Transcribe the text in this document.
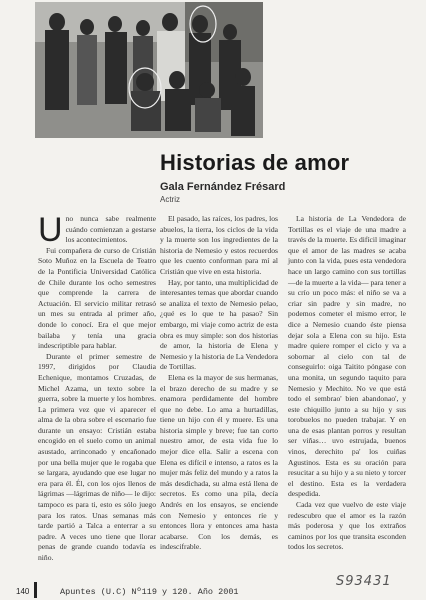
Historias de amor
Gala Fernández Frésard
Actriz
U no nunca sabe realmente cuándo comienzan a gestarse los acontecimientos.

Fui compañera de curso de Cristián Soto Muñoz en la Escuela de Teatro de la Pontificia Universidad Católica de Chile durante los ocho semestres que comprende la carrera de Actuación. El servicio militar retrasó un mes su entrada al primer año, donde lo conocí. Era el que mejor bailaba y tenía una gracia indescriptible para hablar.

Durante el primer semestre de 1997, dirigidos por Claudia Echenique, montamos Cruzadas, de Michel Azama, un texto sobre la guerra, sobre la muerte y los hombres. La primera vez que vi aparecer el alma de la obra sobre el escenario fue durante un ensayo: Cristián estaba encogido en el suelo como un animal asustado, arrinconado y encañonado por una bella mujer que le rogaba que se largara, ayudando que ese lugar no era para él. Él, con los ojos llenos de lágrimas —lágrimas de niño— le dijo: tampoco es para ti, esto es sólo juego para los ratos. Unas semanas más tarde partió a Talca a enterrar a su padre. A veces uno tiene que llorar penas de grande cuando todavía es niño.

El pasado, las raíces, los padres, los abuelos, la tierra, los ciclos de la vida y la muerte son los ingredientes de la historia de Nemesio y estos recuerdos que les cuento conforman para mí al Cristián que vive en esta historia.

Hay, por tanto, una multiplicidad de interesantes temas que abordar cuando se analiza el texto de Nemesio pelao, ¿qué es lo que te ha pasao? Sin embargo, mi viaje como actriz de esta obra es muy simple: son dos historias de amor, la historia de Elena y Nemesio y la historia de La Vendedora de Tortillas.

Elena es la mayor de sus hermanas, el brazo derecho de su madre y se enamora perdidamente del hombre que no debe. Lo ama a hurtadillas, tiene un hijo con él y muere. Es una historia simple y breve; fue tan corto nuestro amor, de esta vida fue lo mejor dice ella. Salir a escena con Elena es difícil e intenso, a ratos es la mujer más feliz del mundo y a ratos la más desdichada, su alma está llena de secretos. Es como una pila, decía Andrés en los ensayos, se enciende con Nemesio y entonces ríe y entonces llora y entonces ama hasta acabarse. Con los demás, es indescifrable.

La historia de La Vendedora de Tortillas es el viaje de una madre a través de la muerte. Es difícil imaginar que el amor de las madres se acaba junto con la vida, pues esta vendedora hace un largo camino con sus tortillas —de la muerte a la vida— para tener a su crío un poco más: el niño se va a criar sin padre y sin madre, no podemos cometer el mismo error, le dice a Nemesio cuando éste piensa dejar sola a Elena con su hijo. Esta madre quiere romper el ciclo y va a sobornar al cielo con tal de conseguirlo: oiga Taitito póngase con una monita, un segundo taquito para Nemesio y Mechito. No ve que está todo el sembrao' bien abandonao', y este chiquillo junto a su hijo y sus torobuelos no pueden trabajar. Y en una de esas plantan porros y resultan ser viñas… uvo estrujada, buenos vinos, derechito pa' los cuiñas Agustinos. Esta es su oración para resucitar a su hijo y a su nieto y torcer el destino. Esta es la verdadera despedida.

Cada vez que vuelvo de este viaje redescubro que el amor es la razón más poderosa y que los extraños caminos por los que transita esconden todos los secretos.

140	Apuntes (U.C) Nº119 y 120. Año 2001
S93431
